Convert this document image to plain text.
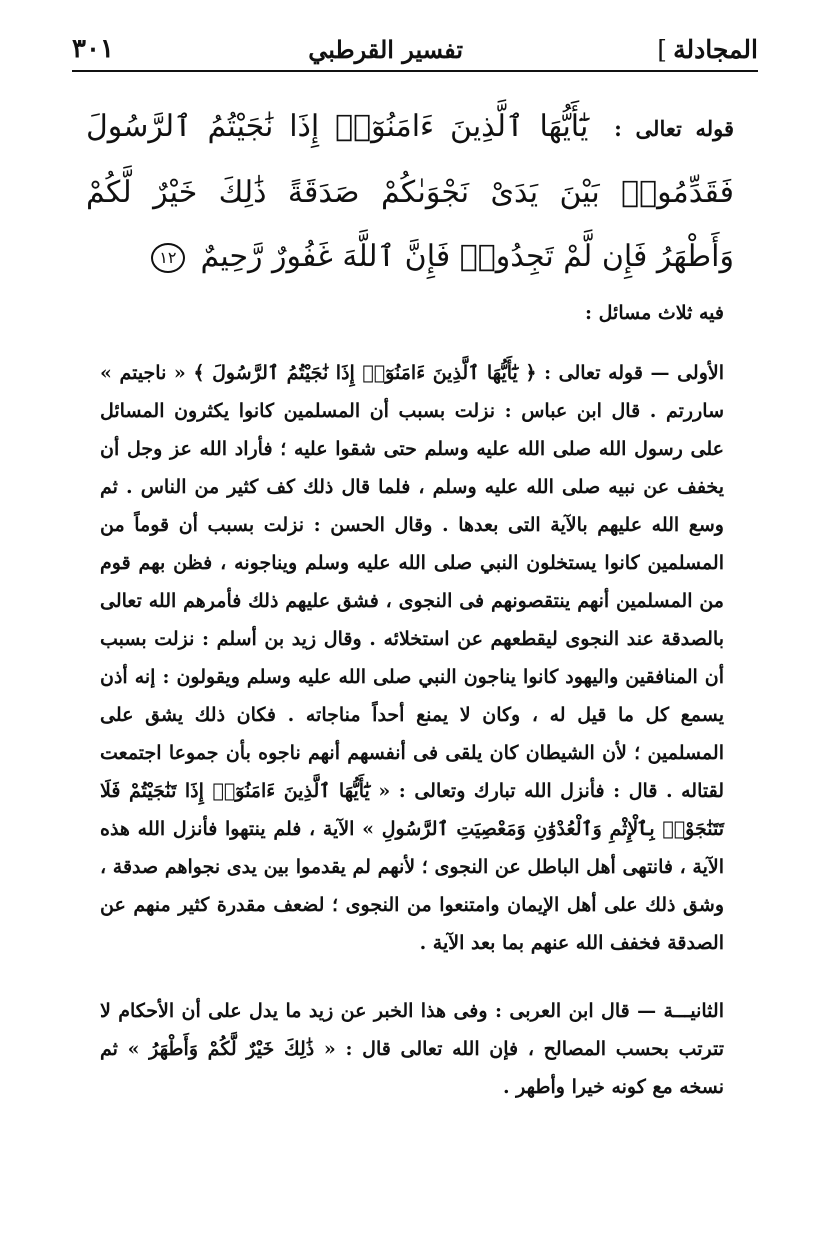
المجادلة]
تفسير القرطبي
٣٠١
قوله تعالى : يَٰٓأَيُّهَا ٱلَّذِينَ ءَامَنُوٓا۟ إِذَا نَٰجَيْتُمُ ٱلرَّسُولَ فَقَدِّمُوا۟ بَيْنَ يَدَىْ نَجْوَىٰكُمْ صَدَقَةً ذَٰلِكَ خَيْرٌ لَّكُمْ وَأَطْهَرُ فَإِن لَّمْ تَجِدُوا۟ فَإِنَّ ٱللَّهَ غَفُورٌ رَّحِيمٌ ١٢

فيه ثلاث مسائل :

الأولى — قوله تعالى : ﴿ يَٰٓأَيُّهَا ٱلَّذِينَ ءَامَنُوٓا۟ إِذَا نَٰجَيْتُمُ ٱلرَّسُولَ ﴾ « ناجيتم » ساررتم . قال ابن عباس : نزلت بسبب أن المسلمين كانوا يكثرون المسائل على رسول الله صلى الله عليه وسلم حتى شقوا عليه ؛ فأراد الله عز وجل أن يخفف عن نبيه صلى الله عليه وسلم ، فلما قال ذلك كف كثير من الناس . ثم وسع الله عليهم بالآية التى بعدها . وقال الحسن : نزلت بسبب أن قوماً من المسلمين كانوا يستخلون النبي صلى الله عليه وسلم ويناجونه ، فظن بهم قوم من المسلمين أنهم ينتقصونهم فى النجوى ، فشق عليهم ذلك فأمرهم الله تعالى بالصدقة عند النجوى ليقطعهم عن استخلائه . وقال زيد بن أسلم : نزلت بسبب أن المنافقين واليهود كانوا يناجون النبي صلى الله عليه وسلم ويقولون : إنه أذن يسمع كل ما قيل له ، وكان لا يمنع أحداً مناجاته . فكان ذلك يشق على المسلمين ؛ لأن الشيطان كان يلقى فى أنفسهم أنهم ناجوه بأن جموعا اجتمعت لقتاله . قال : فأنزل الله تبارك وتعالى : « يَٰٓأَيُّهَا ٱلَّذِينَ ءَامَنُوٓا۟ إِذَا تَنَٰجَيْتُمْ فَلَا تَتَنَٰجَوْا۟ بِٱلْإِثْمِ وَٱلْعُدْوَٰنِ وَمَعْصِيَتِ ٱلرَّسُولِ » الآية ، فلم ينتهوا فأنزل الله هذه الآية ، فانتهى أهل الباطل عن النجوى ؛ لأنهم لم يقدموا بين يدى نجواهم صدقة ، وشق ذلك على أهل الإيمان وامتنعوا من النجوى ؛ لضعف مقدرة كثير منهم عن الصدقة فخفف الله عنهم بما بعد الآية .

الثانيـــة — قال ابن العربى : وفى هذا الخبر عن زيد ما يدل على أن الأحكام لا تترتب بحسب المصالح ، فإن الله تعالى قال : « ذَٰلِكَ خَيْرٌ لَّكُمْ وَأَطْهَرُ » ثم نسخه مع كونه خيرا وأطهر .
